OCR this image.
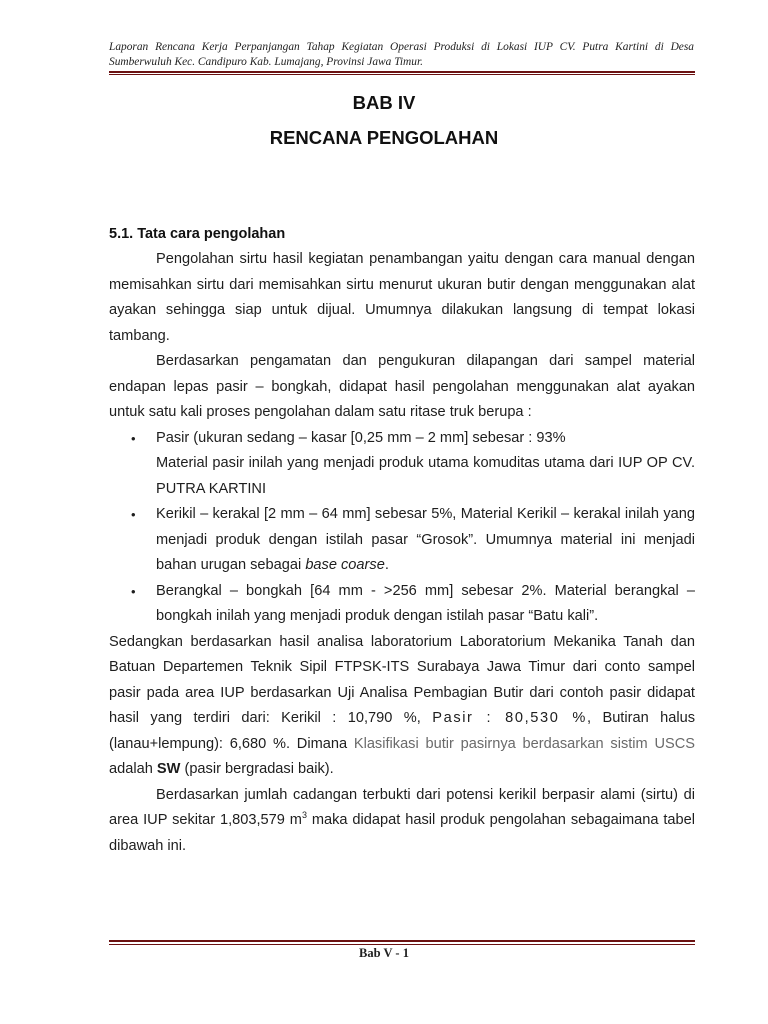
Laporan Rencana Kerja Perpanjangan Tahap Kegiatan Operasi Produksi di Lokasi IUP CV. Putra Kartini di Desa Sumberwuluh Kec. Candipuro Kab. Lumajang, Provinsi Jawa Timur.
BAB IV
RENCANA PENGOLAHAN
5.1. Tata cara pengolahan

Pengolahan sirtu hasil kegiatan penambangan yaitu dengan cara manual dengan memisahkan sirtu dari memisahkan sirtu menurut ukuran butir dengan menggunakan alat ayakan sehingga siap untuk dijual. Umumnya dilakukan langsung di tempat lokasi tambang.

Berdasarkan pengamatan dan pengukuran dilapangan dari sampel material endapan lepas pasir – bongkah, didapat hasil pengolahan menggunakan alat ayakan untuk satu kali proses pengolahan dalam satu ritase truk berupa :

• Pasir (ukuran sedang – kasar [0,25 mm – 2 mm] sebesar : 93%
Material pasir inilah yang menjadi produk utama komuditas utama dari IUP OP CV. PUTRA KARTINI
• Kerikil – kerakal [2 mm – 64 mm] sebesar 5%, Material Kerikil – kerakal inilah yang menjadi produk dengan istilah pasar “Grosok”. Umumnya material ini menjadi bahan urugan sebagai base coarse.
• Berangkal – bongkah [64 mm - >256 mm] sebesar 2%. Material berangkal – bongkah inilah yang menjadi produk dengan istilah pasar “Batu kali”.

Sedangkan berdasarkan hasil analisa laboratorium Laboratorium Mekanika Tanah dan Batuan Departemen Teknik Sipil FTPSK-ITS Surabaya Jawa Timur dari conto sampel pasir pada area IUP berdasarkan Uji Analisa Pembagian Butir dari contoh pasir didapat hasil yang terdiri dari: Kerikil : 10,790 %, Pasir : 80,530 %, Butiran halus (lanau+lempung): 6,680 %. Dimana Klasifikasi butir pasirnya berdasarkan sistim USCS adalah SW (pasir bergradasi baik).

Berdasarkan jumlah cadangan terbukti dari potensi kerikil berpasir alami (sirtu) di area IUP sekitar 1,803,579 $m^3$ maka didapat hasil produk pengolahan sebagaimana tabel dibawah ini.

Bab V - 1
